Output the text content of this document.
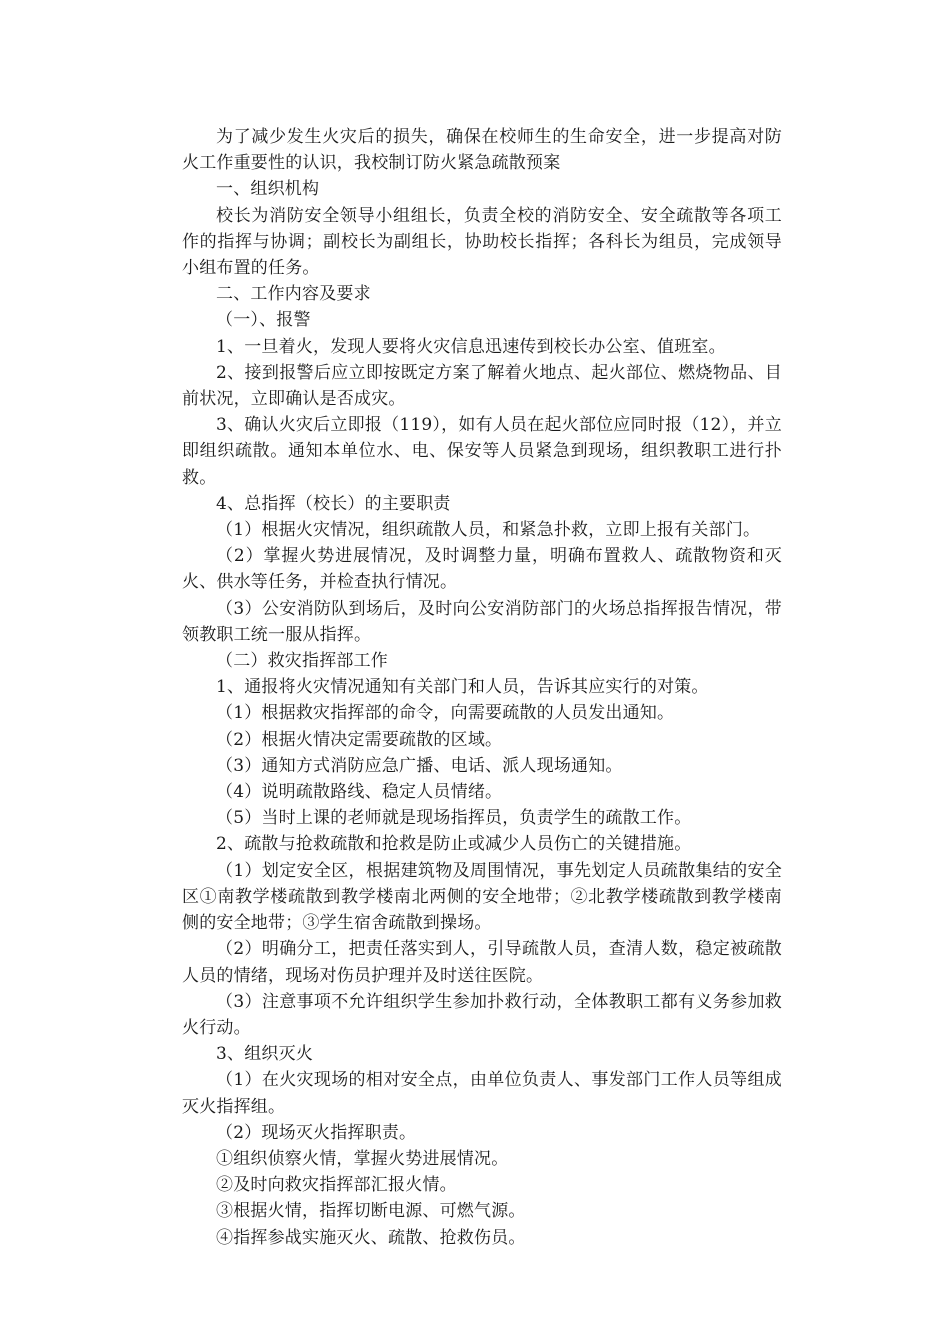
为了减少发生火灾后的损失，确保在校师生的生命安全，进一步提高对防火工作重要性的认识，我校制订防火紧急疏散预案

一、组织机构

校长为消防安全领导小组组长，负责全校的消防安全、安全疏散等各项工作的指挥与协调；副校长为副组长，协助校长指挥；各科长为组员，完成领导小组布置的任务。

二、工作内容及要求

（一）、报警

1、一旦着火，发现人要将火灾信息迅速传到校长办公室、值班室。

2、接到报警后应立即按既定方案了解着火地点、起火部位、燃烧物品、目前状况，立即确认是否成灾。

3、确认火灾后立即报（119），如有人员在起火部位应同时报（12），并立即组织疏散。通知本单位水、电、保安等人员紧急到现场，组织教职工进行扑救。

4、总指挥（校长）的主要职责

（1）根据火灾情况，组织疏散人员，和紧急扑救，立即上报有关部门。

（2）掌握火势进展情况，及时调整力量，明确布置救人、疏散物资和灭火、供水等任务，并检查执行情况。

（3）公安消防队到场后，及时向公安消防部门的火场总指挥报告情况，带领教职工统一服从指挥。

（二）救灾指挥部工作

1、通报将火灾情况通知有关部门和人员，告诉其应实行的对策。

（1）根据救灾指挥部的命令，向需要疏散的人员发出通知。

（2）根据火情决定需要疏散的区域。

（3）通知方式消防应急广播、电话、派人现场通知。

（4）说明疏散路线、稳定人员情绪。

（5）当时上课的老师就是现场指挥员，负责学生的疏散工作。

2、疏散与抢救疏散和抢救是防止或减少人员伤亡的关键措施。

（1）划定安全区，根据建筑物及周围情况，事先划定人员疏散集结的安全区①南教学楼疏散到教学楼南北两侧的安全地带；②北教学楼疏散到教学楼南侧的安全地带；③学生宿舍疏散到操场。

（2）明确分工，把责任落实到人，引导疏散人员，查清人数，稳定被疏散人员的情绪，现场对伤员护理并及时送往医院。

（3）注意事项不允许组织学生参加扑救行动，全体教职工都有义务参加救火行动。

3、组织灭火

（1）在火灾现场的相对安全点，由单位负责人、事发部门工作人员等组成灭火指挥组。

（2）现场灭火指挥职责。

①组织侦察火情，掌握火势进展情况。

②及时向救灾指挥部汇报火情。

③根据火情，指挥切断电源、可燃气源。

④指挥参战实施灭火、疏散、抢救伤员。
